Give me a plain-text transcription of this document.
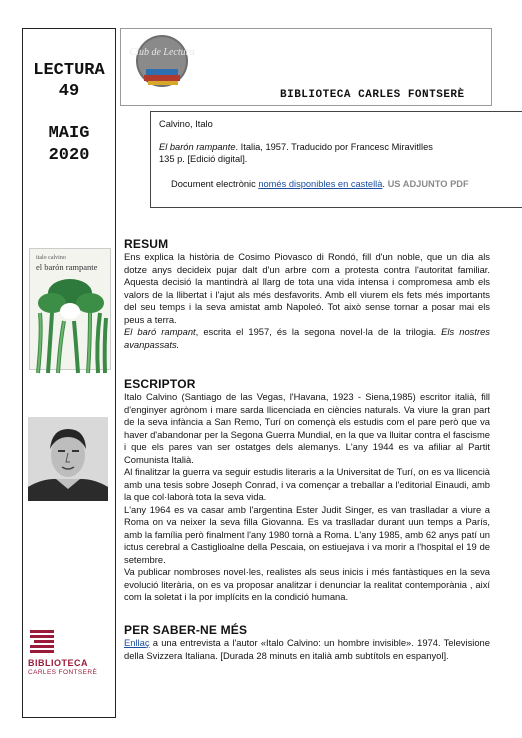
LECTURA
49
MAIG
2020
italo calvino
el barón rampante
BIBLIOTECA
CARLES FONTSERÈ
Club de Lectura
BIBLIOTECA CARLES FONTSERÈ
Calvino, Italo
El barón rampante. Italia, 1957. Traducido por Francesc Miravitlles
135 p. [Edició digital].
Document electrònic només disponibles en castellà. US ADJUNTO PDF
RESUM

Ens explica la història de Cosimo Piovasco di Rondó, fill d'un noble, que un dia als dotze anys decideix pujar dalt d'un arbre com a protesta contra l'autoritat familiar. Aquesta decisió la mantindrà al llarg de tota una vida intensa i compromesa amb els valors de la llibertat i l'ajut als més desfavorits. Amb ell viurem els fets més importants del seu temps i la seva amistat amb Napoleó. Tot això sense tornar a posar mai els peus a terra.

El baró rampant, escrita el 1957, és la segona novel·la de la trilogia. Els nostres avanpassats.

ESCRIPTOR

Italo Calvino (Santiago de las Vegas, l'Havana, 1923 - Siena,1985) escritor italià, fill d'enginyer agrònom i mare sarda llicenciada en ciències naturals. Va viure la gran part de la seva infància a San Remo, Turí on començà els estudis com el pare però que va haver d'abandonar per la Segona Guerra Mundial, en la que va lluitar contra el fascisme i que els pares van ser ostatges dels alemanys. L'any 1944 es va afiliar al Partit Comunista Italià.

Al finalitzar la guerra va seguir estudis literaris a la Universitat de Turí, on es va llicencià amb una tesis sobre Joseph Conrad, i va començar a treballar a l'editorial Einaudi, amb la que col·laborà tota la seva vida.

L'any 1964 es va casar amb l'argentina Ester Judit Singer, es van traslladar a viure a Roma on va neixer la seva filla Giovanna. Es va traslladar durant uun temps a París, amb la família però finalment l'any 1980 tornà a Roma. L'any 1985, amb 62 anys patí un ictus cerebral a Castiglioalne della Pescaia, on estiuejava i va morir a l'hospital el 19 de setembre.

Va publicar nombroses novel·les, realistes als seus inicis i més fantàstiques en la seva evolució literària, on es va proposar analitzar i denunciar la realitat contemporània , així com la soletat i la por implícits en la condició humana.

PER SABER-NE MÉS

Enllaç a una entrevista a l'autor «Italo Calvino: un hombre invisible». 1974. Televisione della Svizzera Italiana. [Durada 28 minuts en italià amb subtítols en espanyol].
